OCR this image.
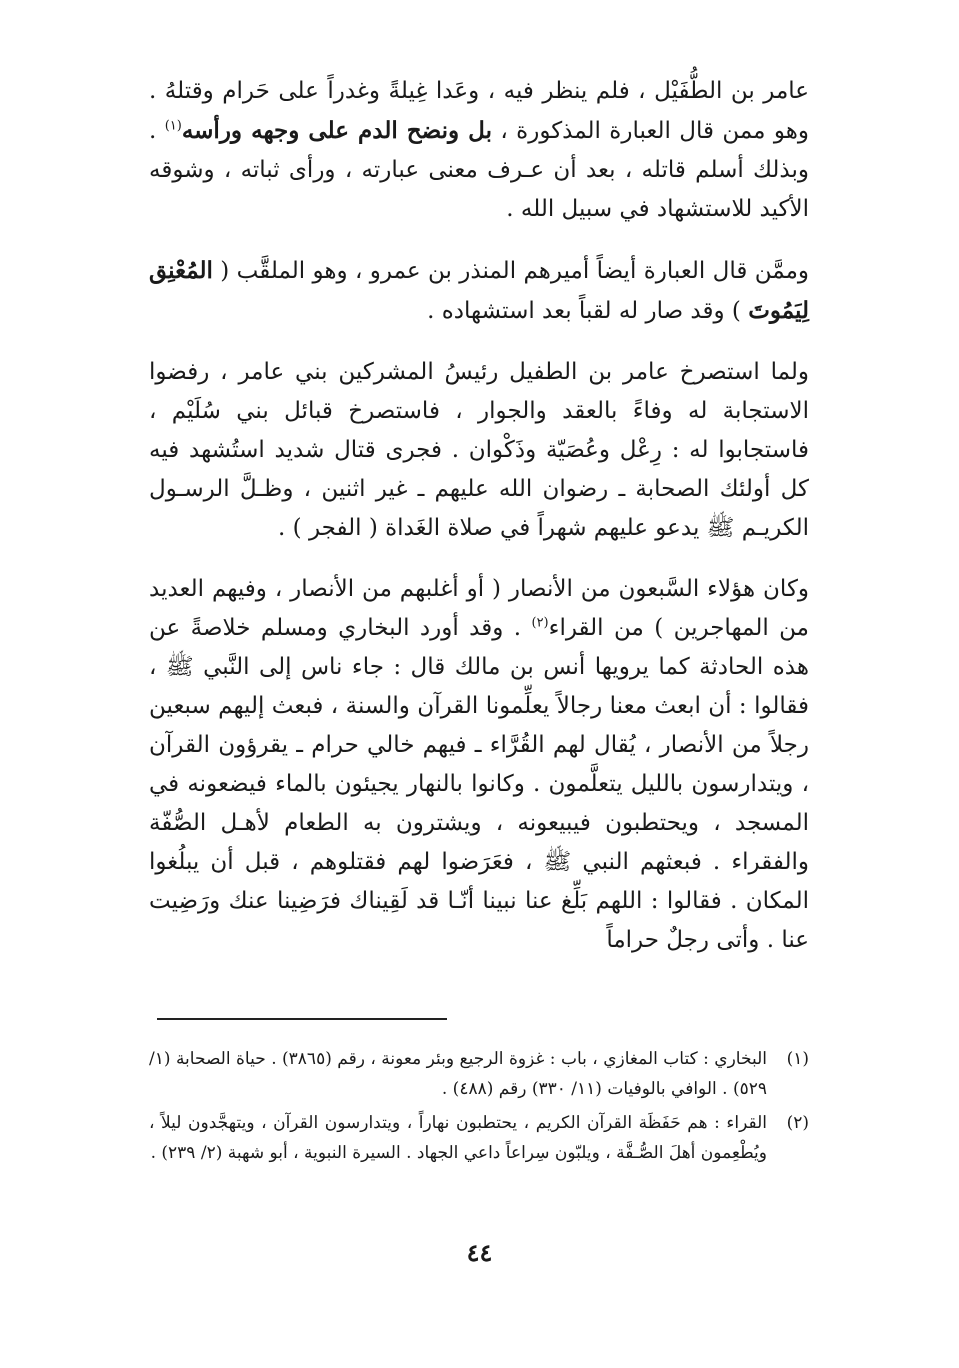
عامر بن الطُّفَيْل ، فلم ينظر فيه ، وعَدا غِيلةً وغدراً على حَرام وقتلهُ . وهو ممن قال العبارة المذكورة ، بل ونضح الدم على وجهه ورأسه$^{(١)}$ . وبذلك أسلم قاتله ، بعد أن عـرف معنى عبارته ، ورأى ثباته ، وشوقه الأكيد للاستشهاد في سبيل الله .

وممَّن قال العبارة أيضاً أميرهم المنذر بن عمرو ، وهو الملقَّب ( المُعْنِق لِيَمُوتَ ) وقد صار له لقباً بعد استشهاده .

ولما استصرخ عامر بن الطفيل رئيسُ المشركين بني عامر ، رفضوا الاستجابة له وفاءً بالعقد والجوار ، فاستصرخ قبائل بني سُلَيْم ، فاستجابوا له : رِعْل وعُصَيّة وذَكْوان . فجرى قتال شديد استُشهد فيه كل أولئك الصحابة ـ رضوان الله عليهم ـ غير اثنين ، وظـلَّ الرسـول الكريـم ﷺ يدعو عليهم شهراً في صلاة الغَداة ( الفجر ) .

وكان هؤلاء السَّبعون من الأنصار ( أو أغلبهم من الأنصار ، وفيهم العديد من المهاجرين ) من القراء$^{(٢)}$ . وقد أورد البخاري ومسلم خلاصةً عن هذه الحادثة كما يرويها أنس بن مالك قال : جاء ناس إلى النَّبي ﷺ ، فقالوا : أن ابعث معنا رجالاً يعلِّمونا القرآن والسنة ، فبعث إليهم سبعين رجلاً من الأنصار ، يُقال لهم القُرَّاء ـ فيهم خالي حرام ـ يقرؤون القرآن ، ويتدارسون بالليل يتعلَّمون . وكانوا بالنهار يجيئون بالماء فيضعونه في المسجد ، ويحتطبون فيبيعونه ، ويشترون به الطعام لأهـل الصُّفّة والفقراء . فبعثهم النبي ﷺ ، فعَرَضوا لهم فقتلوهم ، قبل أن يبلُغوا المكان . فقالوا : اللهم بَلِّغ عنا نبينا أنّـا قد لَقِيناك فرَضِينا عنك ورَضِيت عنا . وأتى رجلٌ حراماً

(١)
البخاري : كتاب المغازي ، باب : غزوة الرجيع وبئر معونة ، رقم (٣٨٦٥) . حياة الصحابة (١/ ٥٢٩) . الوافي بالوفيات (١١/ ٣٣٠) رقم (٤٨٨) .
(٢)
القراء : هم حَفَظَة القرآن الكريم ، يحتطبون نهاراً ، ويتدارسون القرآن ، ويتهجَّدون ليلاً ، ويُطْعِمون أهلَ الصُّـفَّة ، ويلبّون سِراعاً داعي الجهاد . السيرة النبوية ، أبو شهبة (٢/ ٢٣٩) .
٤٤
